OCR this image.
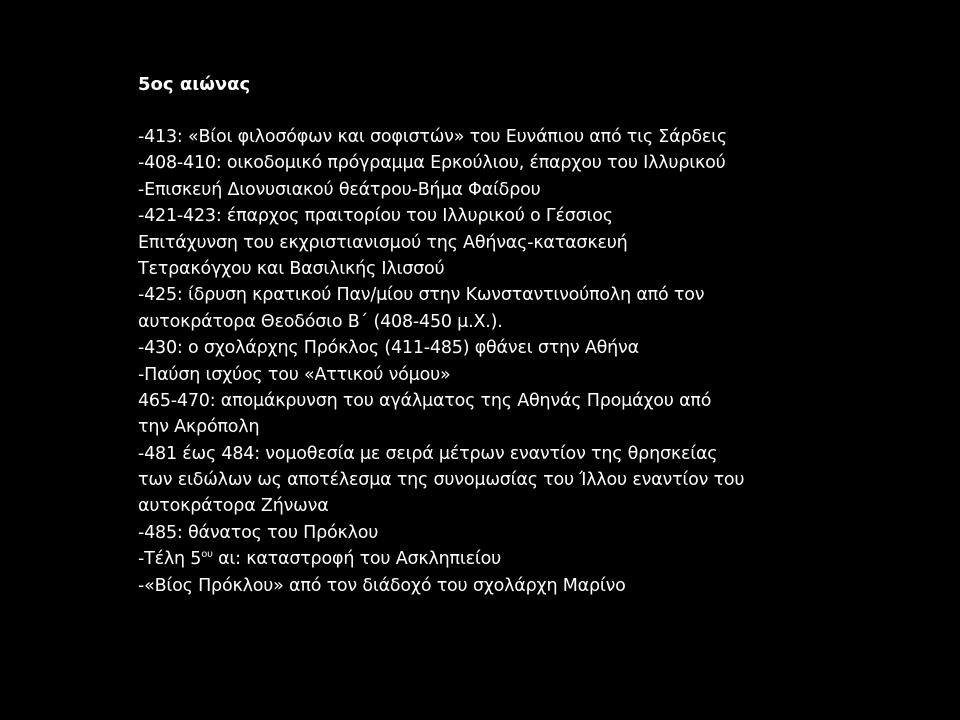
5ος αιώνας
-413: «Βίοι φιλοσόφων και σοφιστών» του Ευνάπιου από τις Σάρδεις
-408-410: οικοδομικό πρόγραμμα Ερκούλιου, έπαρχου του Ιλλυρικού
-Επισκευή Διονυσιακού θεάτρου-Βήμα Φαίδρου
-421-423: έπαρχος πραιτορίου του Ιλλυρικού ο Γέσσιος
Επιτάχυνση του εκχριστιανισμού της Αθήνας-κατασκευή
Τετρακόγχου και Βασιλικής Ιλισσού
-425: ίδρυση κρατικού Παν/μίου στην Κωνσταντινούπολη από τον
αυτοκράτορα Θεοδόσιο Β΄ (408-450 μ.Χ.).
-430: ο σχολάρχης Πρόκλος (411-485) φθάνει στην Αθήνα
-Παύση ισχύος του «Αττικού νόμου»
465-470: απομάκρυνση του αγάλματος της Αθηνάς Προμάχου από
την Ακρόπολη
-481 έως 484: νομοθεσία με σειρά μέτρων εναντίον της θρησκείας
των ειδώλων ως αποτέλεσμα της συνομωσίας του Ίλλου εναντίον του
αυτοκράτορα Ζήνωνα
-485: θάνατος του Πρόκλου
-Τέλη $5^{o\upsilon}$ αι: καταστροφή του Ασκληπιείου
-«Βίος Πρόκλου» από τον διάδοχό του σχολάρχη Μαρίνο
